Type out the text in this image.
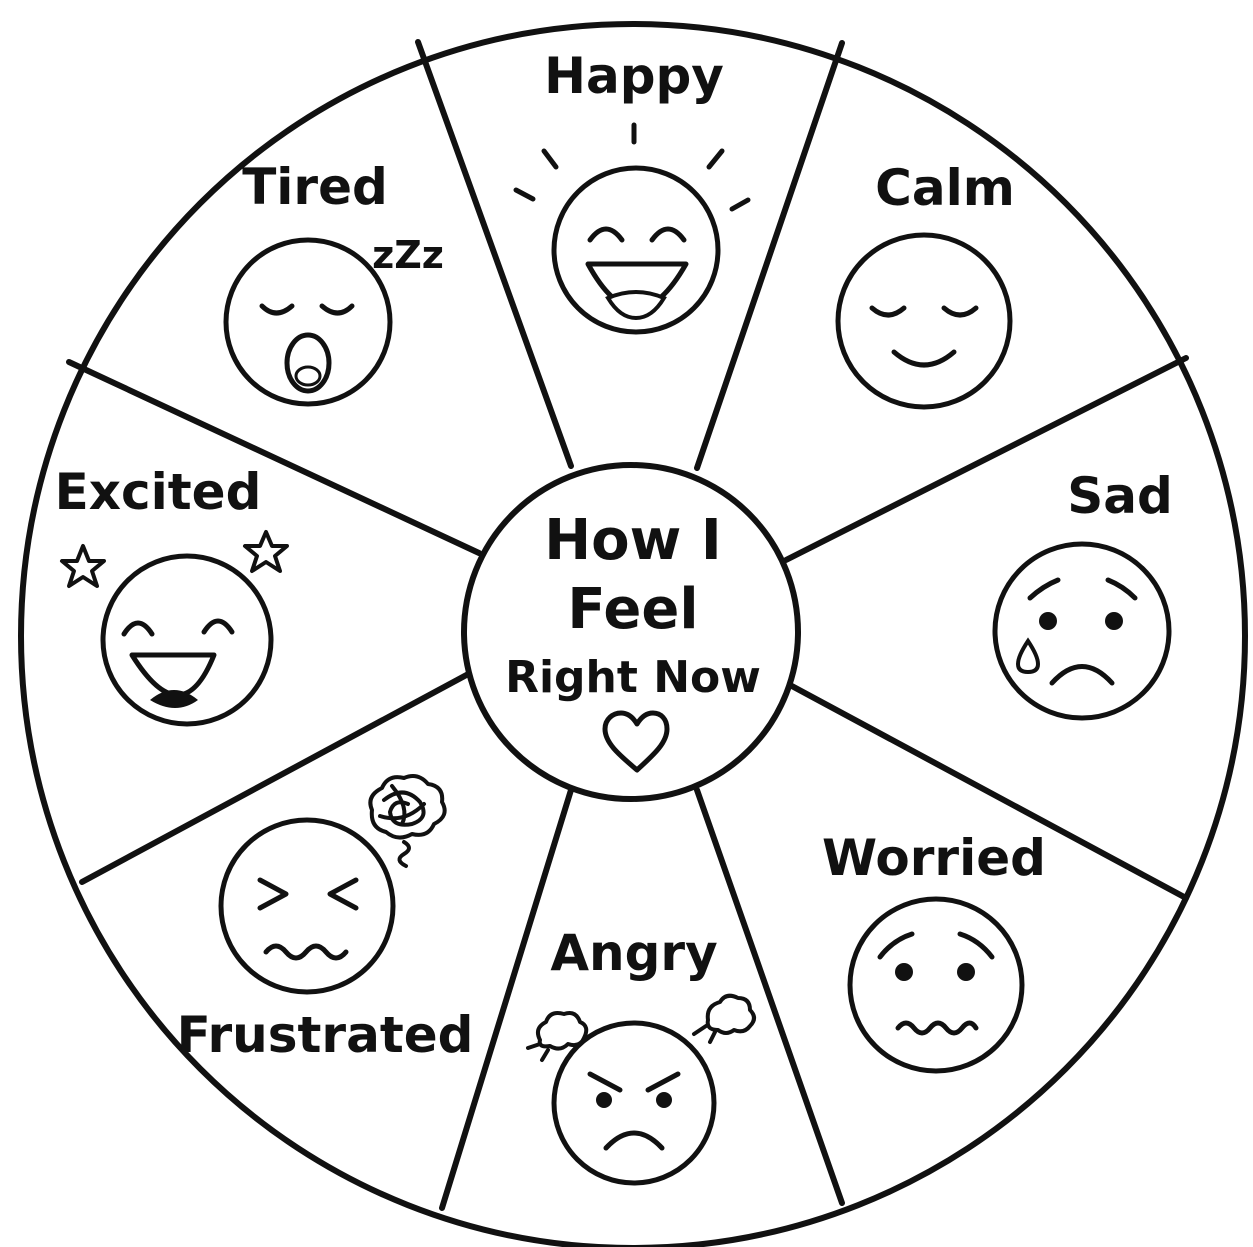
How I
Feel
Right Now
Happy
Calm
Sad
Worried
Angry
Frustrated
Excited
Tired
zZz
